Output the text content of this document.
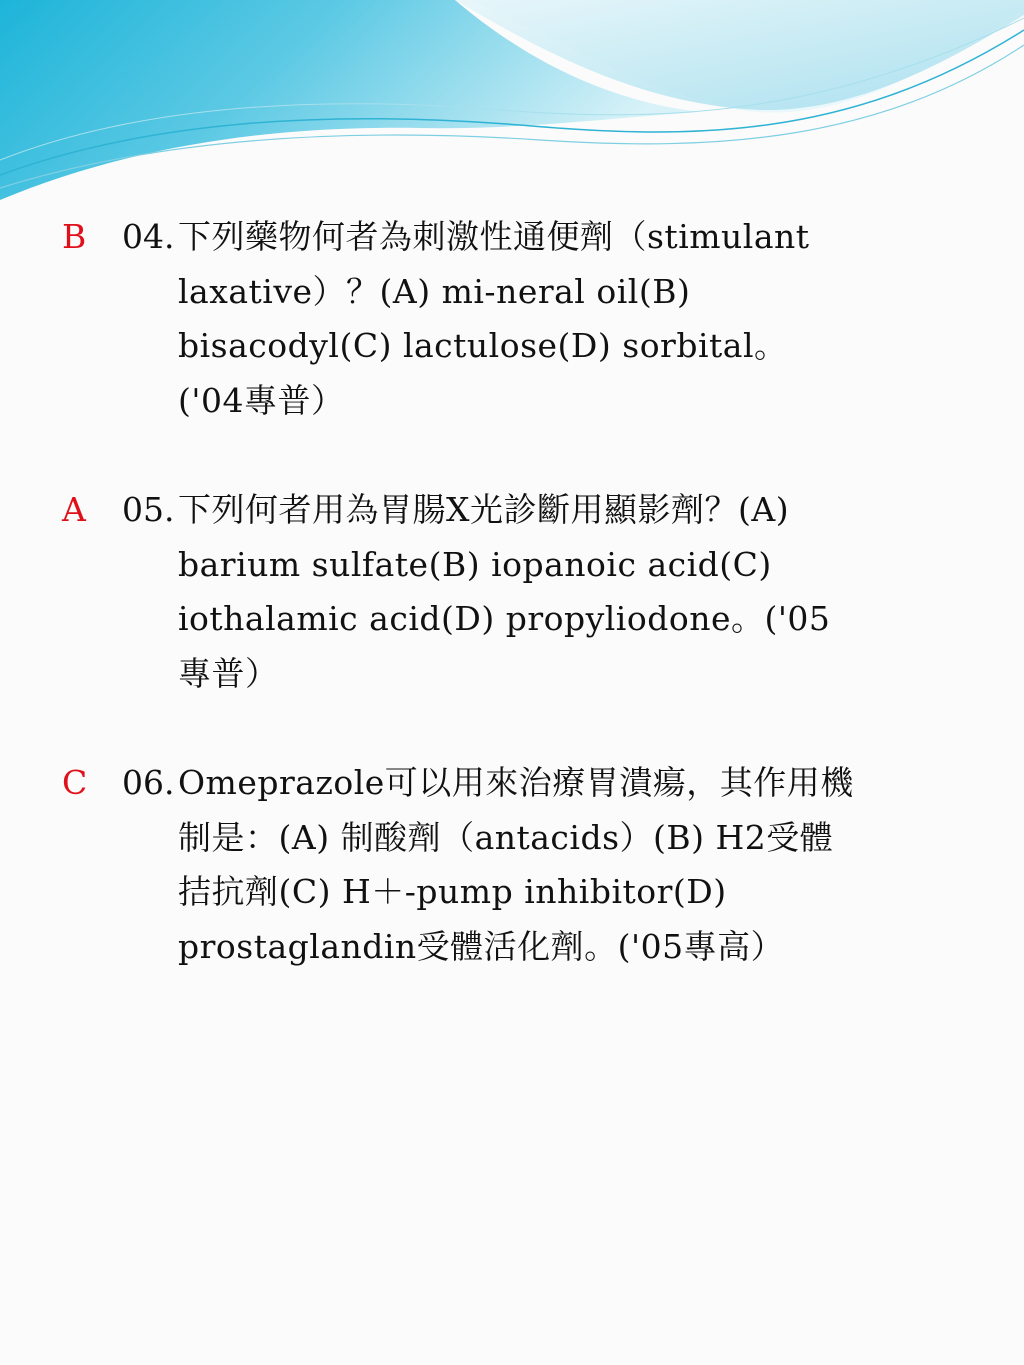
B 04. 下列藥物何者為刺激性通便劑（stimulant
laxative）？(A) mi-neral oil(B)
bisacodyl(C) lactulose(D) sorbital。
('04專普）
A 05. 下列何者用為胃腸X光診斷用顯影劑？(A)
barium sulfate(B) iopanoic acid(C)
iothalamic acid(D) propyliodone。('05
專普）
C 06. Omeprazole可以用來治療胃潰瘍，其作用機
制是：(A) 制酸劑（antacids）(B) H2受體
拮抗劑(C) H＋-pump inhibitor(D)
prostaglandin受體活化劑。('05專高）
